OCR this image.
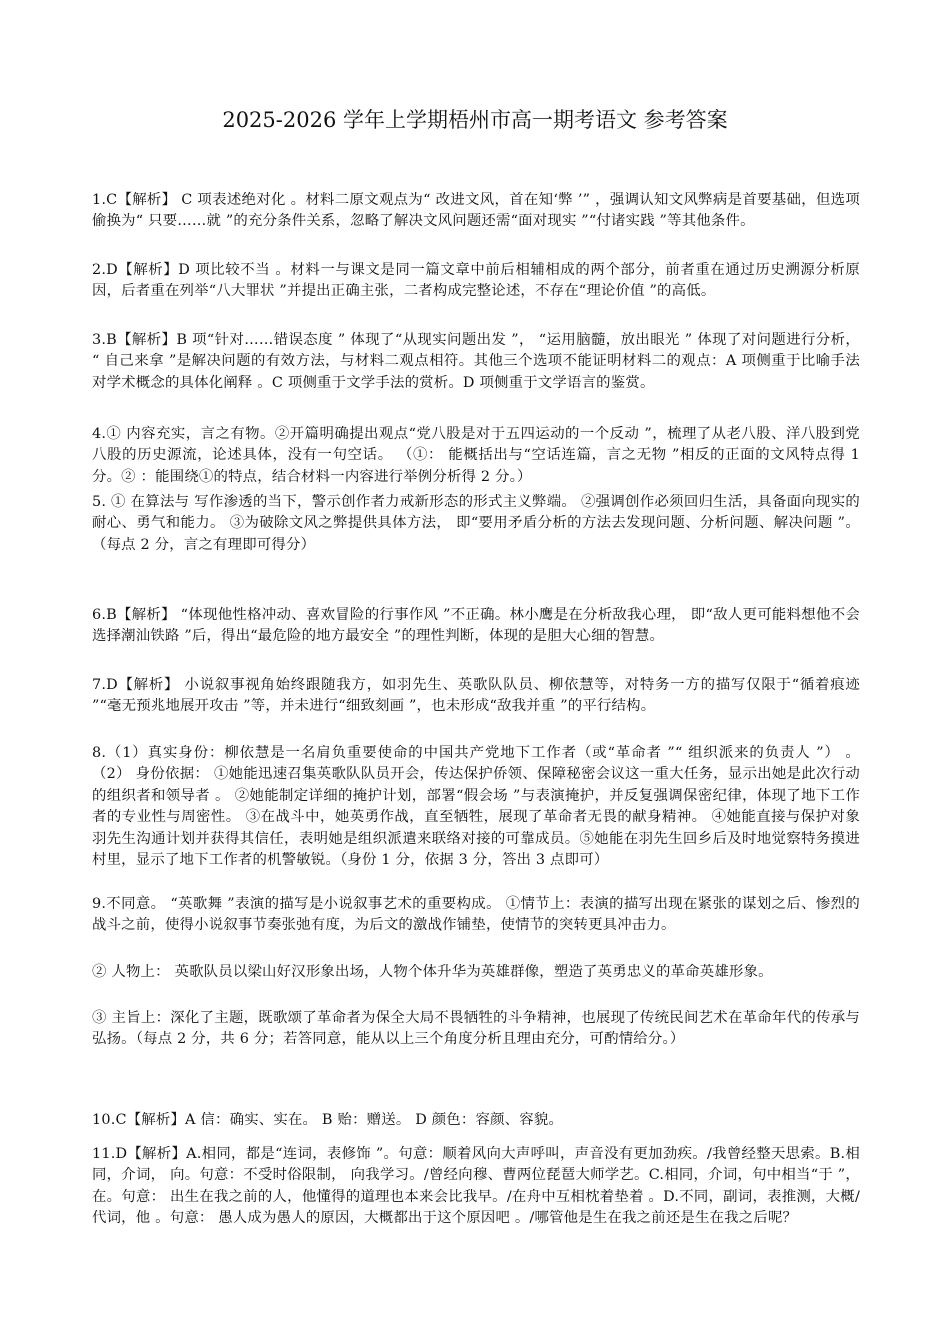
2025-2026 学年上学期梧州市高一期考语文 参考答案
1.C【解析】 C 项表述绝对化 。材料二原文观点为“ 改进文风，首在知‘弊 ’” ，强调认知文风弊病是首要基础，但选项偷换为“ 只要……就 ”的充分条件关系，忽略了解决文风问题还需“面对现实 ”“付诸实践 ”等其他条件。
2.D【解析】D 项比较不当 。材料一与课文是同一篇文章中前后相辅相成的两个部分，前者重在通过历史溯源分析原因，后者重在列举“八大罪状 ”并提出正确主张，二者构成完整论述，不存在“理论价值 ”的高低。
3.B【解析】B 项“针对……错误态度 ” 体现了“从现实问题出发 ”， “运用脑髓，放出眼光 ” 体现了对问题进行分析， “ 自己来拿 ”是解决问题的有效方法，与材料二观点相符。其他三个选项不能证明材料二的观点：A 项侧重于比喻手法对学术概念的具体化阐释 。C 项侧重于文学手法的赏析。D 项侧重于文学语言的鉴赏。
4.① 内容充实，言之有物。②开篇明确提出观点“党八股是对于五四运动的一个反动 ”，梳理了从老八股、洋八股到党八股的历史源流，论述具体，没有一句空话。 （①： 能概括出与“空话连篇，言之无物 ”相反的正面的文风特点得 1 分。② ：能围绕①的特点，结合材料一内容进行举例分析得 2 分。）
5. ① 在算法与 写作渗透的当下，警示创作者力戒新形态的形式主义弊端。 ②强调创作必须回归生活，具备面向现实的耐心、勇气和能力。 ③为破除文风之弊提供具体方法， 即“要用矛盾分析的方法去发现问题、分析问题、解决问题 ”。（每点 2 分，言之有理即可得分）
6.B【解析】 “体现他性格冲动、喜欢冒险的行事作风 ”不正确。林小鹰是在分析敌我心理， 即“敌人更可能料想他不会选择潮汕铁路 ”后，得出“最危险的地方最安全 ”的理性判断，体现的是胆大心细的智慧。
7.D【解析】 小说叙事视角始终跟随我方，如羽先生、英歌队队员、柳依慧等，对特务一方的描写仅限于“循着痕迹 ”“毫无预兆地展开攻击 ”等，并未进行“细致刻画 ”，也未形成“敌我并重 ”的平行结构。
8.（1）真实身份：柳依慧是一名肩负重要使命的中国共产党地下工作者（或“革命者 ”“ 组织派来的负责人 ”） 。 （2） 身份依据： ①她能迅速召集英歌队队员开会，传达保护侨领、保障秘密会议这一重大任务，显示出她是此次行动的组织者和领导者 。 ②她能制定详细的掩护计划，部署“假会场 ”与表演掩护，并反复强调保密纪律，体现了地下工作者的专业性与周密性。 ③在战斗中，她英勇作战，直至牺牲，展现了革命者无畏的献身精神。 ④她能直接与保护对象羽先生沟通计划并获得其信任，表明她是组织派遣来联络对接的可靠成员。⑤她能在羽先生回乡后及时地觉察特务摸进村里，显示了地下工作者的机警敏锐。（身份 1 分，依据 3 分，答出 3 点即可）
9.不同意。 “英歌舞 ”表演的描写是小说叙事艺术的重要构成。 ①情节上：表演的描写出现在紧张的谋划之后、惨烈的战斗之前，使得小说叙事节奏张弛有度，为后文的激战作铺垫，使情节的突转更具冲击力。
② 人物上： 英歌队员以梁山好汉形象出场，人物个体升华为英雄群像，塑造了英勇忠义的革命英雄形象。
③ 主旨上：深化了主题，既歌颂了革命者为保全大局不畏牺牲的斗争精神，也展现了传统民间艺术在革命年代的传承与弘扬。（每点 2 分，共 6 分；若答同意，能从以上三个角度分析且理由充分，可酌情给分。）
10.C【解析】A 信：确实、实在。 B 贻：赠送。 D 颜色：容颜、容貌。
11.D【解析】A.相同，都是“连词，表修饰 ”。句意：顺着风向大声呼叫，声音没有更加劲疾。/我曾经整天思索。B.相同，介词， 向。句意：不受时俗限制， 向我学习。/曾经向穆、曹两位琵琶大师学艺。C.相同，介词，句中相当“于 ”，在。句意： 出生在我之前的人，他懂得的道理也本来会比我早。/在舟中互相枕着垫着 。D.不同，副词，表推测，大概/代词，他 。句意： 愚人成为愚人的原因，大概都出于这个原因吧 。/哪管他是生在我之前还是生在我之后呢？
